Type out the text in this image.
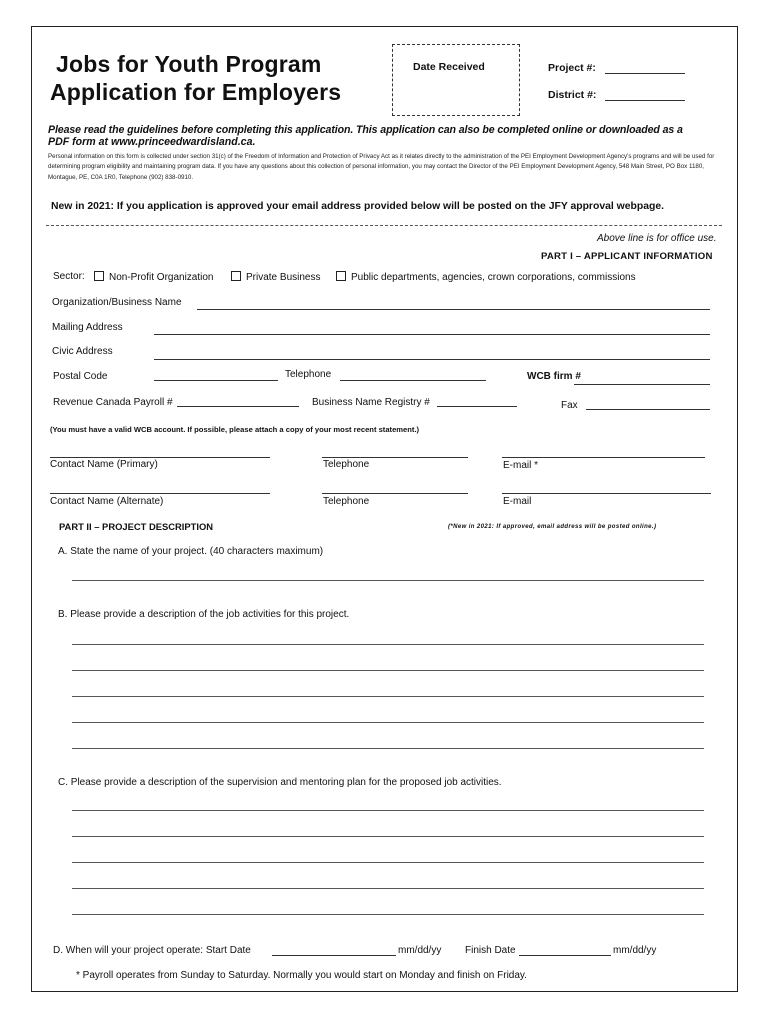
Jobs for Youth Program
Application for Employers
Date Received	Project #:
District #:
Please read the guidelines before completing this application. This application can also be completed online or downloaded as a
PDF form at www.princeedwardisland.ca.
Personal information on this form is collected under section 31(c) of the Freedom of Information and Protection of Privacy Act as it relates directly to the administration of the PEI Employment Development Agency's programs and will be used for determining program eligibility and maintaining program data. If you have any questions about this collection of personal information, you may contact the Director of the PEI Employment Development Agency, 548 Main Street, PO Box 1180, Montague, PE, C0A 1R0, Telephone (902) 838-0910.
New in 2021: If you application is approved your email address provided below will be posted on the JFY approval webpage.
Above line is for office use.
PART I – APPLICANT INFORMATION
Sector:	Non-Profit Organization	Private Business	Public departments, agencies, crown corporations, commissions
Organization/Business Name
Mailing Address
Civic Address
Postal Code	Telephone	WCB firm #
Revenue Canada Payroll #	Business Name Registry #	Fax
(You must have a valid WCB account. If possible, please attach a copy of your most recent statement.)
Contact Name (Primary)	Telephone	E-mail *
Contact Name (Alternate)	Telephone	E-mail
PART II – PROJECT DESCRIPTION	(*New in 2021: If approved, email address will be posted online.)
A. State the name of your project. (40 characters maximum)
B. Please provide a description of the job activities for this project.
C. Please provide a description of the supervision and mentoring plan for the proposed job activities.
D. When will your project operate: Start Date	mm/dd/yy Finish Date	mm/dd/yy
* Payroll operates from Sunday to Saturday. Normally you would start on Monday and finish on Friday.
